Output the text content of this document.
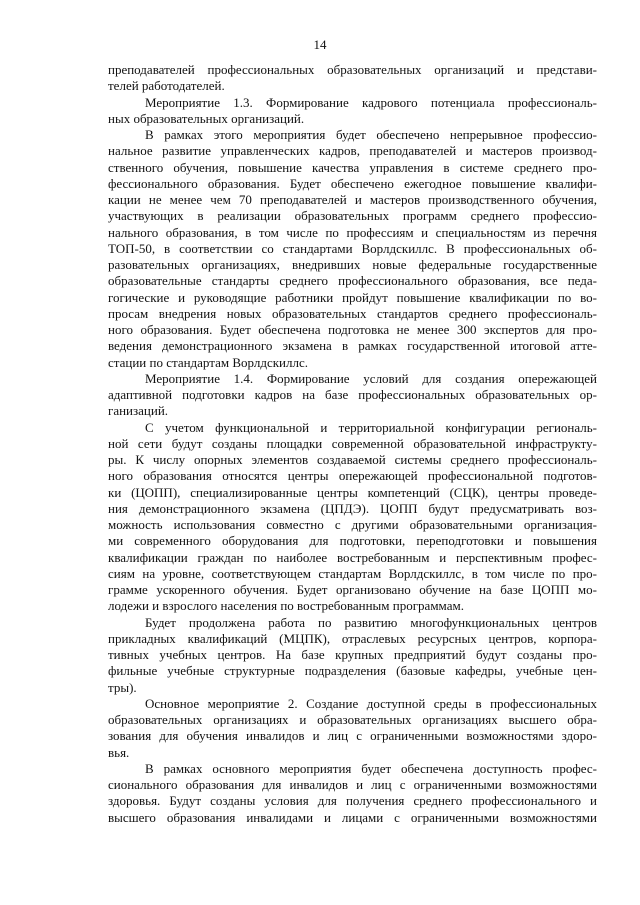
14
преподавателей профессиональных образовательных организаций и представи-
телей работодателей.
Мероприятие 1.3. Формирование кадрового потенциала профессиональ-
ных образовательных организаций.
В рамках этого мероприятия будет обеспечено непрерывное профессио-
нальное развитие управленческих кадров, преподавателей и мастеров производ-
ственного обучения, повышение качества управления в системе среднего про-
фессионального образования. Будет обеспечено ежегодное повышение квалифи-
кации не менее чем 70 преподавателей и мастеров производственного обучения,
участвующих в реализации образовательных программ среднего профессио-
нального образования, в том числе по профессиям и специальностям из перечня
ТОП-50, в соответствии со стандартами Ворлдскиллс. В профессиональных об-
разовательных организациях, внедривших новые федеральные государственные
образовательные стандарты среднего профессионального образования, все педа-
гогические и руководящие работники пройдут повышение квалификации по во-
просам внедрения новых образовательных стандартов среднего профессиональ-
ного образования. Будет обеспечена подготовка не менее 300 экспертов для про-
ведения демонстрационного экзамена в рамках государственной итоговой атте-
стации по стандартам Ворлдскиллс.
Мероприятие 1.4. Формирование условий для создания опережающей
адаптивной подготовки кадров на базе профессиональных образовательных ор-
ганизаций.
С учетом функциональной и территориальной конфигурации региональ-
ной сети будут созданы площадки современной образовательной инфраструкту-
ры. К числу опорных элементов создаваемой системы среднего профессиональ-
ного образования относятся центры опережающей профессиональной подготов-
ки (ЦОПП), специализированные центры компетенций (СЦК), центры проведе-
ния демонстрационного экзамена (ЦПДЭ). ЦОПП будут предусматривать воз-
можность использования совместно с другими образовательными организация-
ми современного оборудования для подготовки, переподготовки и повышения
квалификации граждан по наиболее востребованным и перспективным профес-
сиям на уровне, соответствующем стандартам Ворлдскиллс, в том числе по про-
грамме ускоренного обучения. Будет организовано обучение на базе ЦОПП мо-
лодежи и взрослого населения по востребованным программам.
Будет продолжена работа по развитию многофункциональных центров
прикладных квалификаций (МЦПК), отраслевых ресурсных центров, корпора-
тивных учебных центров. На базе крупных предприятий будут созданы про-
фильные учебные структурные подразделения (базовые кафедры, учебные цен-
тры).
Основное мероприятие 2. Создание доступной среды в профессиональных
образовательных организациях и образовательных организациях высшего обра-
зования для обучения инвалидов и лиц с ограниченными возможностями здоро-
вья.
В рамках основного мероприятия будет обеспечена доступность профес-
сионального образования для инвалидов и лиц с ограниченными возможностями
здоровья. Будут созданы условия для получения среднего профессионального и
высшего образования инвалидами и лицами с ограниченными возможностями
